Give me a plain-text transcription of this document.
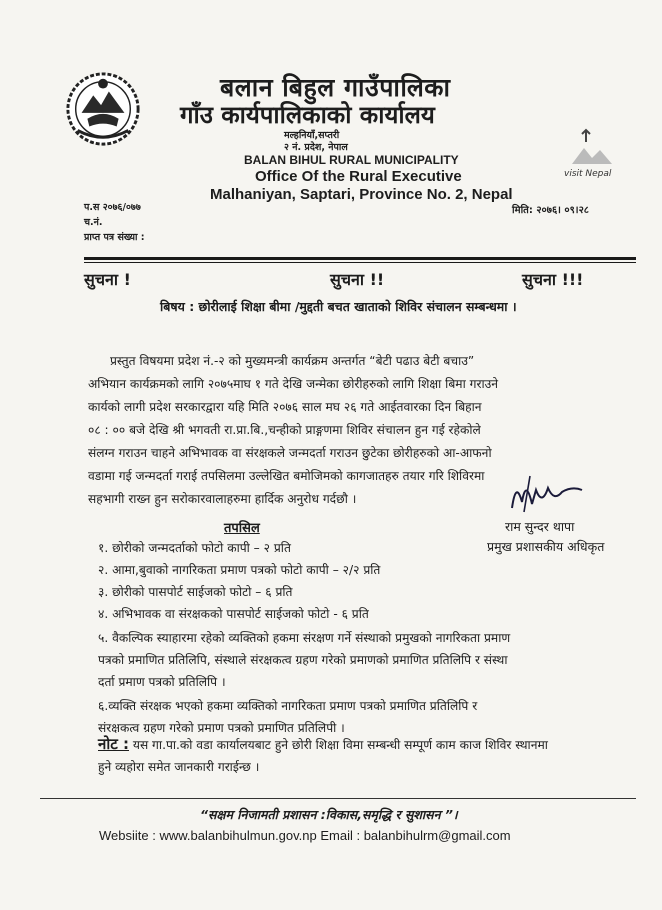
बलान बिहुल गाउँपालिका
गाँउ कार्यपालिकाको कार्यालय
मल्हनियाँ,सप्तरी
२ नं. प्रदेश, नेपाल
BALAN BIHUL RURAL MUNICIPALITY
Office Of the Rural Executive
Malhaniyan, Saptari, Province No. 2, Nepal
visit Nepal
प.स २०७६/०७७
च.नं.
प्राप्त पत्र संख्या :
मिति: २०७६। ०९।२८
सुचना !	सुचना !!	सुचना !!!
बिषय : छोरीलाई शिक्षा बीमा /मुद्दती बचत खाताको शिविर संचालन सम्बन्धमा ।
प्रस्तुत विषयमा प्रदेश नं.-२ को मुख्यमन्त्री कार्यक्रम अन्तर्गत “बेटी पढाउ बेटी बचाउ”
अभियान कार्यक्रमको लागि २०७५माघ १ गते देखि जन्मेका छोरीहरुको लागि शिक्षा बिमा गराउने
कार्यको लागी प्रदेश सरकारद्वारा यहि मिति २०७६ साल मघ २६ गते आईतवारका दिन बिहान
०८ : ०० बजे देखि श्री भगवती रा.प्रा.बि.,चन्हीको प्राङ्गणमा शिविर संचालन हुन गई रहेकोले
संलग्न गराउन चाहने अभिभावक वा संरक्षकले जन्मदर्ता गराउन छुटेका छोरीहरुको आ-आफनो
वडामा गई जन्मदर्ता गराई तपसिलमा उल्लेखित बमोजिमको कागजातहरु तयार गरि शिविरमा
सहभागी राख्न हुन सरोकारवालाहरुमा हार्दिक अनुरोध गर्दछौ ।
राम सुन्दर थापा
प्रमुख प्रशासकीय अधिकृत
तपसिल
१. छोरीको जन्मदर्ताको फोटो कापी – २ प्रति
२. आमा,बुवाको नागरिकता प्रमाण पत्रको फोटो कापी – २/२ प्रति
३. छोरीको पासपोर्ट साईजको फोटो – ६ प्रति
४. अभिभावक वा संरक्षकको पासपोर्ट साईजको फोटो - ६ प्रति
५. वैकल्पिक स्याहारमा रहेको व्यक्तिको हकमा संरक्षण गर्ने संस्थाको प्रमुखको नागरिकता प्रमाण
पत्रको प्रमाणित प्रतिलिपि, संस्थाले संरक्षकत्व ग्रहण गरेको प्रमाणको प्रमाणित प्रतिलिपि र संस्था
दर्ता प्रमाण पत्रको प्रतिलिपि ।
६.व्यक्ति संरक्षक भएको हकमा व्यक्तिको नागरिकता प्रमाण पत्रको प्रमाणित प्रतिलिपि र
संरक्षकत्व ग्रहण गरेको प्रमाण पत्रको प्रमाणित प्रतिलिपी ।
नोट : यस गा.पा.को वडा कार्यालयबाट हुने छोरी शिक्षा विमा सम्बन्धी सम्पूर्ण काम काज शिविर स्थानमा
हुने व्यहोरा समेत जानकारी गराईन्छ ।
“सक्षम निजामती प्रशासन :विकास,समृद्धि र सुशासन ”।
Websiite : www.balanbihulmun.gov.np Email : balanbihulrm@gmail.com
